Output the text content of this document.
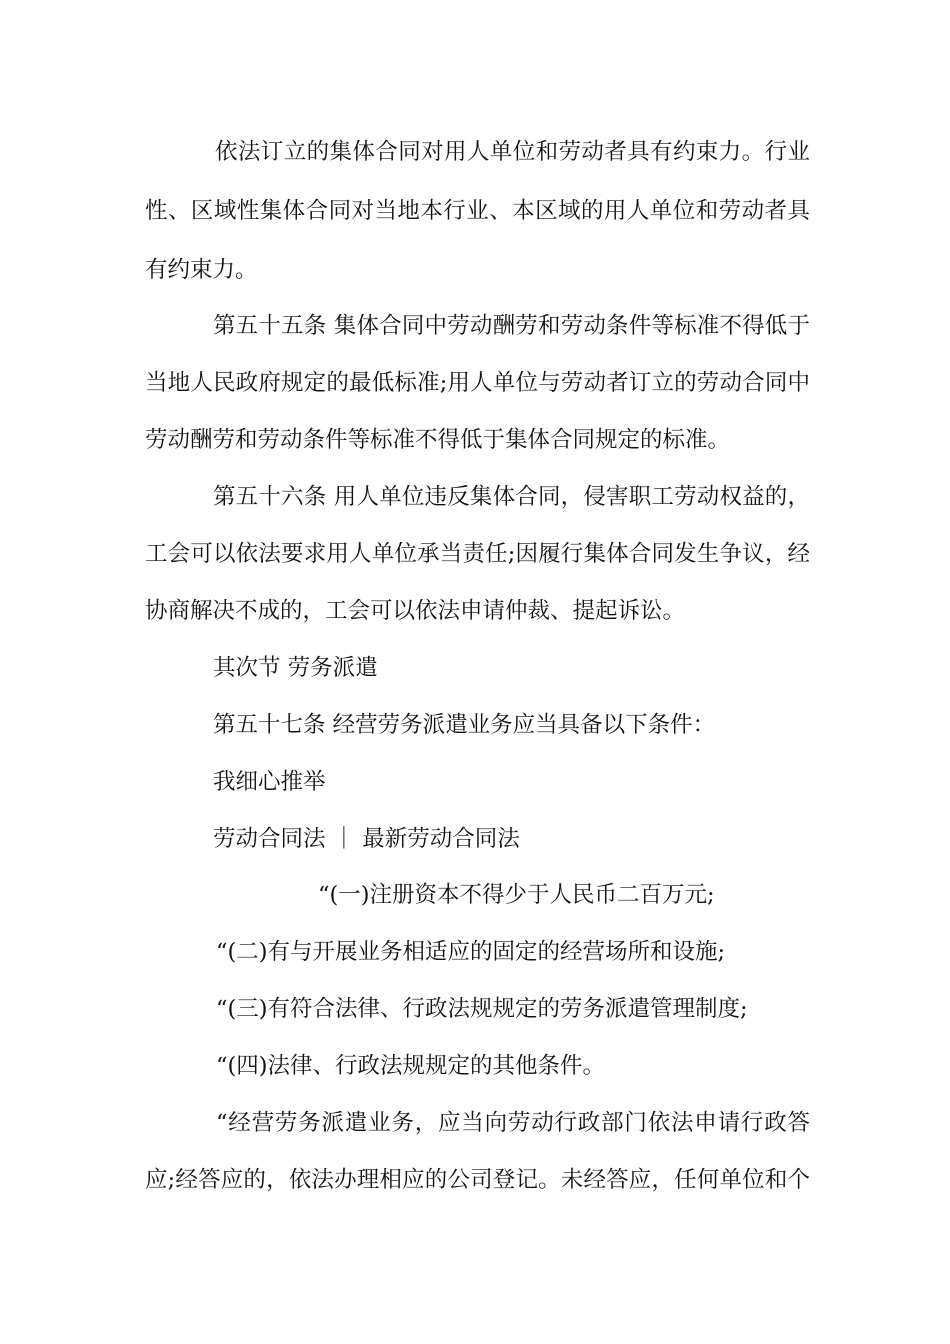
依法订立的集体合同对用人单位和劳动者具有约束力。行业
性、区域性集体合同对当地本行业、本区域的用人单位和劳动者具
有约束力。
第五十五条 集体合同中劳动酬劳和劳动条件等标准不得低于
当地人民政府规定的最低标准;用人单位与劳动者订立的劳动合同中
劳动酬劳和劳动条件等标准不得低于集体合同规定的标准。
第五十六条 用人单位违反集体合同，侵害职工劳动权益的，
工会可以依法要求用人单位承当责任;因履行集体合同发生争议，经
协商解决不成的，工会可以依法申请仲裁、提起诉讼。
其次节 劳务派遣
第五十七条 经营劳务派遣业务应当具备以下条件：
我细心推举
劳动合同法 ｜ 最新劳动合同法
“(一)注册资本不得少于人民币二百万元;
“(二)有与开展业务相适应的固定的经营场所和设施;
“(三)有符合法律、行政法规规定的劳务派遣管理制度;
“(四)法律、行政法规规定的其他条件。
“经营劳务派遣业务，应当向劳动行政部门依法申请行政答
应;经答应的，依法办理相应的公司登记。未经答应，任何单位和个
